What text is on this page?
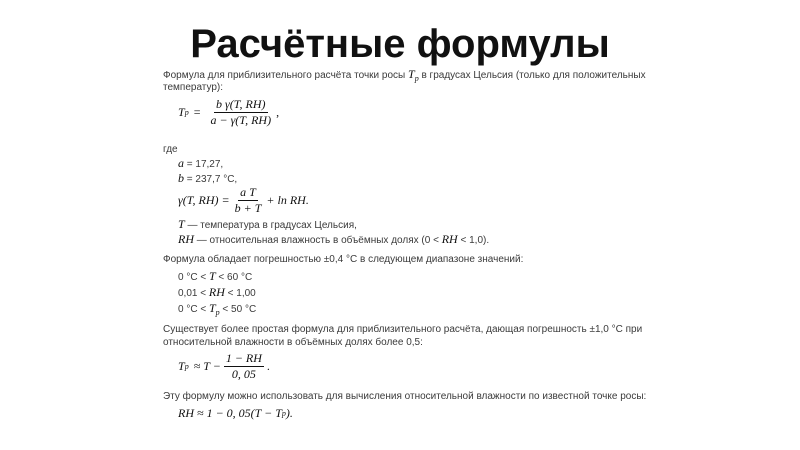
Расчётные формулы
Формула для приблизительного расчёта точки росы $T_p$ в градусах Цельсия (только для положительных
температур):
T $p = \frac{\text{b γ(T, RH)}}{a - \gamma(T, RH)}$ ,
где
a = 17,27,
b = 237,7 °C,
γ(T, $RH) = \frac{\text{a T}}{b + T} + \ln$ RH.
T — температура в градусах Цельсия,
RH — относительная влажность в объёмных долях (0 < RH < 1,0).
Формула обладает погрешностью ±0,4 °C в следующем диапазоне значений:
0 °C < T < 60 °C
0,01 < RH < 1,00
0 $^\circ C < T_p < 50$ °C
Существует более простая формула для приблизительного расчёта, дающая погрешность ±1,0 °C при
относительной влажности в объёмных долях более 0,5:
T $p \approx T - \frac{1 - RH}{0, 05}$ .
Эту формулу можно использовать для вычисления относительной влажности по известной точке росы:
RH ≈ 1 − 0, 05(T − T p ).
